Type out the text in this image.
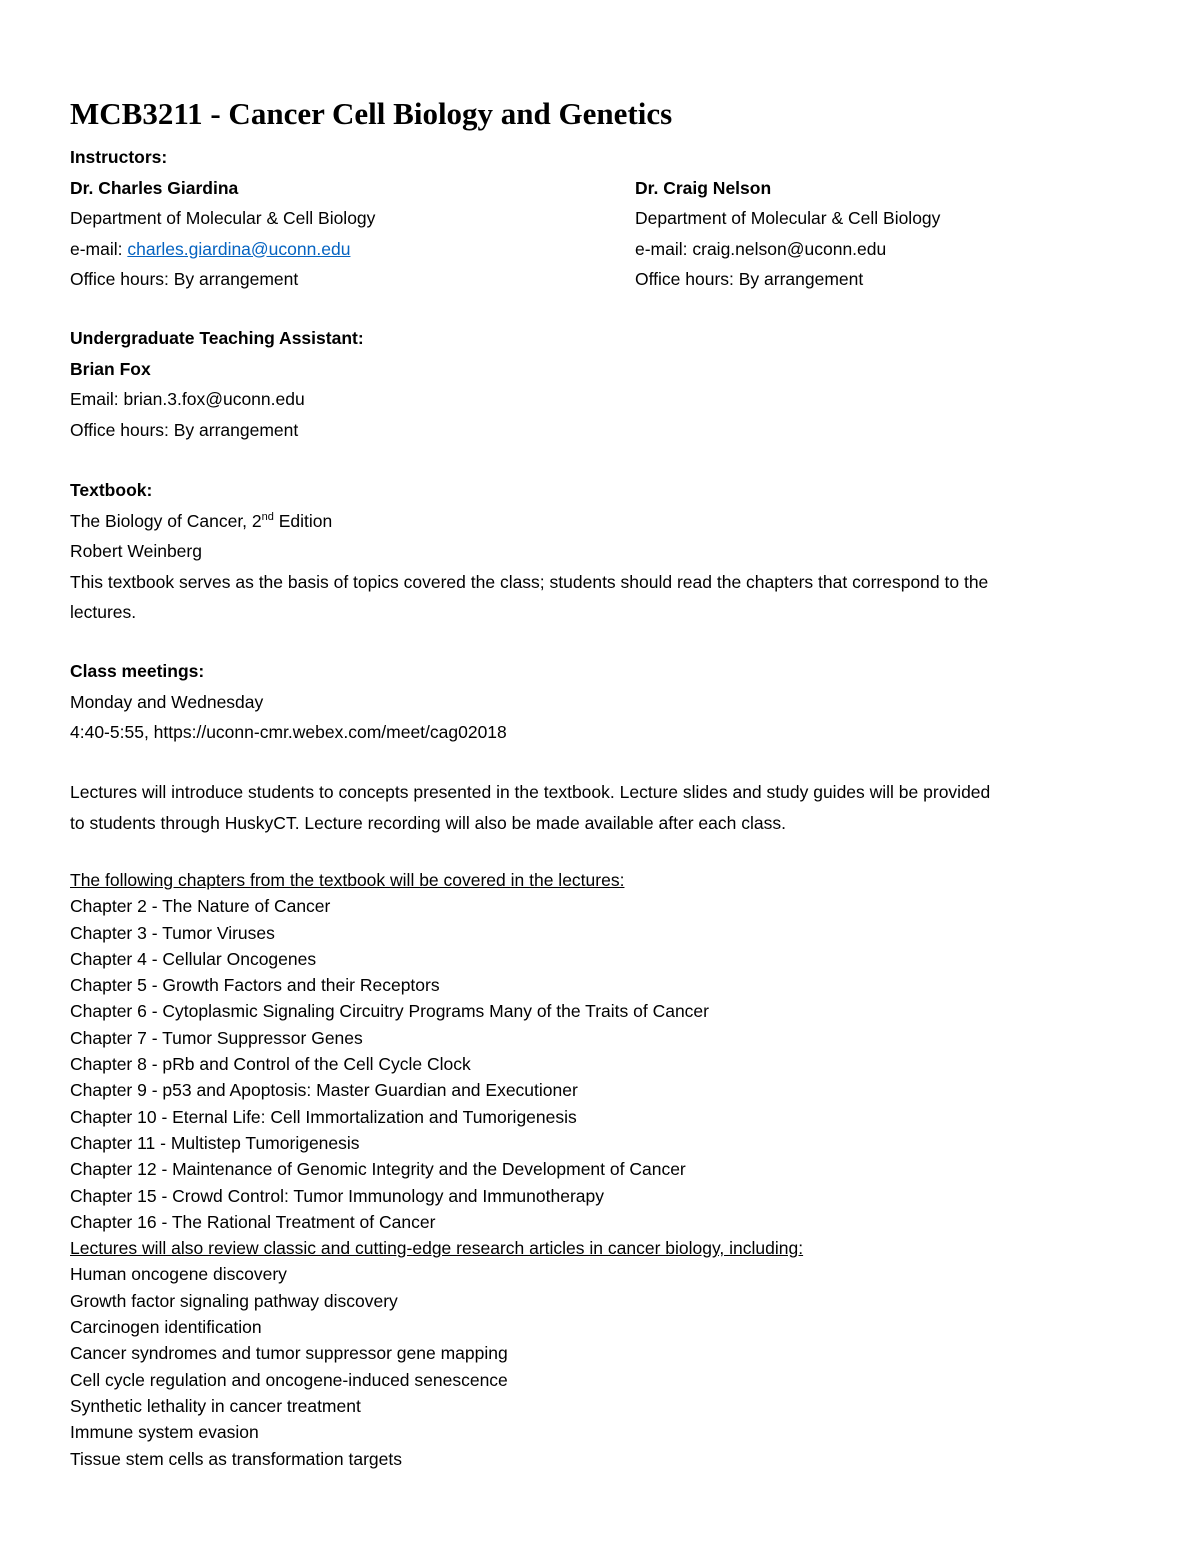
MCB3211 - Cancer Cell Biology and Genetics
Instructors:
Dr. Charles Giardina
Department of Molecular & Cell Biology
e-mail: charles.giardina@uconn.edu
Office hours: By arrangement
Dr. Craig Nelson
Department of Molecular & Cell Biology
e-mail: craig.nelson@uconn.edu
Office hours: By arrangement
Undergraduate Teaching Assistant:
Brian Fox
Email: brian.3.fox@uconn.edu
Office hours: By arrangement
Textbook:
The Biology of Cancer, 2nd Edition
Robert Weinberg
This textbook serves as the basis of topics covered the class; students should read the chapters that correspond to the
lectures.
Class meetings:
Monday and Wednesday
4:40-5:55, https://uconn-cmr.webex.com/meet/cag02018
Lectures will introduce students to concepts presented in the textbook. Lecture slides and study guides will be provided
to students through HuskyCT. Lecture recording will also be made available after each class.
The following chapters from the textbook will be covered in the lectures:
Chapter 2 - The Nature of Cancer
Chapter 3 - Tumor Viruses
Chapter 4 - Cellular Oncogenes
Chapter 5 - Growth Factors and their Receptors
Chapter 6 - Cytoplasmic Signaling Circuitry Programs Many of the Traits of Cancer
Chapter 7 - Tumor Suppressor Genes
Chapter 8 - pRb and Control of the Cell Cycle Clock
Chapter 9 - p53 and Apoptosis: Master Guardian and Executioner
Chapter 10 - Eternal Life: Cell Immortalization and Tumorigenesis
Chapter 11 - Multistep Tumorigenesis
Chapter 12 - Maintenance of Genomic Integrity and the Development of Cancer
Chapter 15 - Crowd Control: Tumor Immunology and Immunotherapy
Chapter 16 - The Rational Treatment of Cancer
Lectures will also review classic and cutting-edge research articles in cancer biology, including:
Human oncogene discovery
Growth factor signaling pathway discovery
Carcinogen identification
Cancer syndromes and tumor suppressor gene mapping
Cell cycle regulation and oncogene-induced senescence
Synthetic lethality in cancer treatment
Immune system evasion
Tissue stem cells as transformation targets
